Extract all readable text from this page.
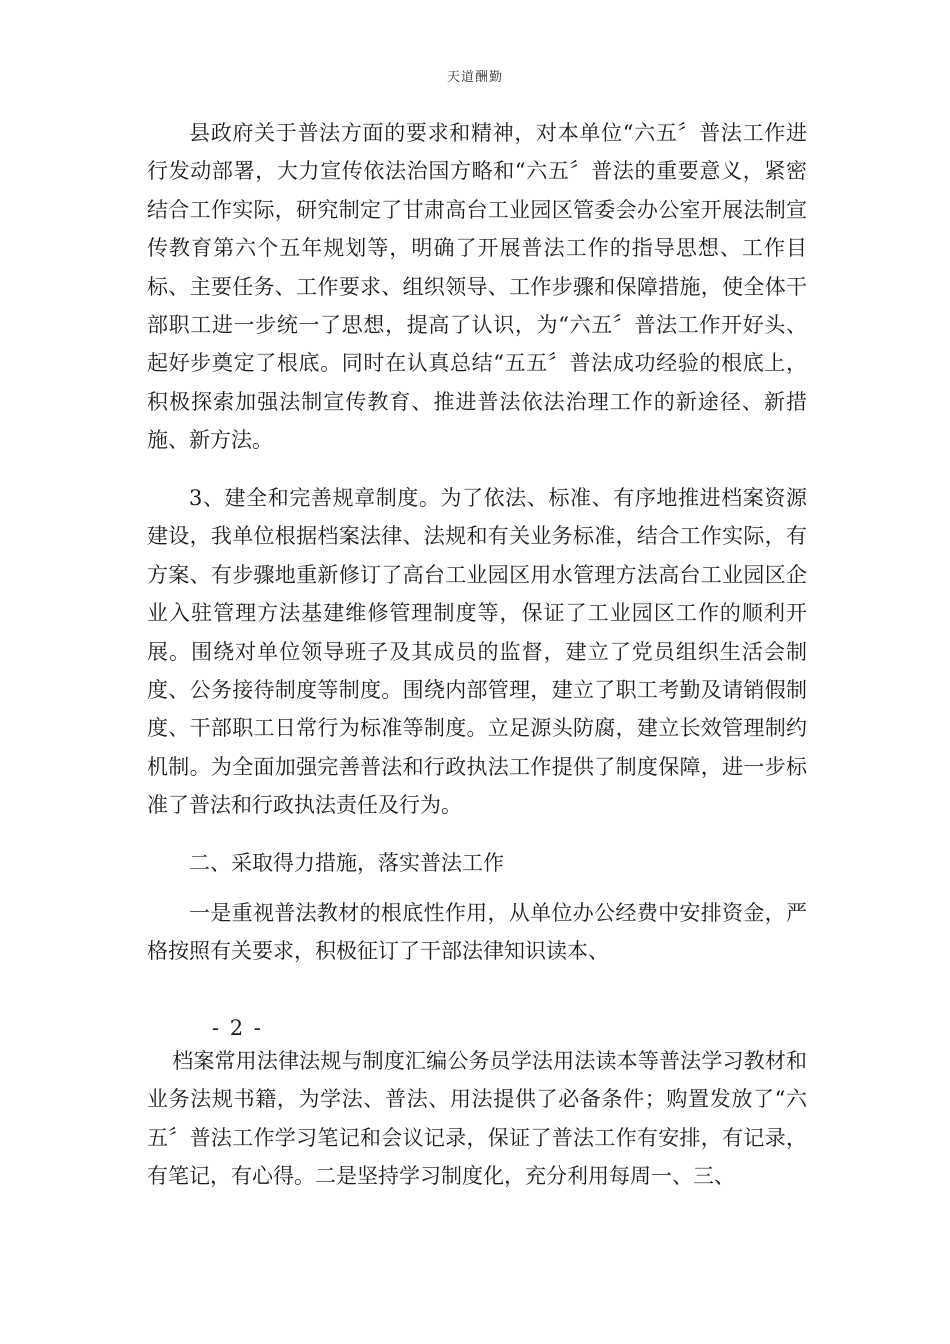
天道酬勤

县政府关于普法方面的要求和精神，对本单位“六五〞普法工作进行发动部署，大力宣传依法治国方略和“六五〞普法的重要意义，紧密结合工作实际，研究制定了甘肃高台工业园区管委会办公室开展法制宣传教育第六个五年规划等，明确了开展普法工作的指导思想、工作目标、主要任务、工作要求、组织领导、工作步骤和保障措施，使全体干部职工进一步统一了思想，提高了认识，为“六五〞普法工作开好头、起好步奠定了根底。同时在认真总结“五五〞普法成功经验的根底上，积极探索加强法制宣传教育、推进普法依法治理工作的新途径、新措施、新方法。

3、建全和完善规章制度。为了依法、标准、有序地推进档案资源建设，我单位根据档案法律、法规和有关业务标准，结合工作实际，有方案、有步骤地重新修订了高台工业园区用水管理方法高台工业园区企业入驻管理方法基建维修管理制度等，保证了工业园区工作的顺利开展。围绕对单位领导班子及其成员的监督，建立了党员组织生活会制度、公务接待制度等制度。围绕内部管理，建立了职工考勤及请销假制度、干部职工日常行为标准等制度。立足源头防腐，建立长效管理制约机制。为全面加强完善普法和行政执法工作提供了制度保障，进一步标准了普法和行政执法责任及行为。

二、采取得力措施，落实普法工作

一是重视普法教材的根底性作用，从单位办公经费中安排资金，严格按照有关要求，积极征订了干部法律知识读本、

- 2 -

档案常用法律法规与制度汇编公务员学法用法读本等普法学习教材和业务法规书籍，为学法、普法、用法提供了必备条件；购置发放了“六五〞普法工作学习笔记和会议记录，保证了普法工作有安排，有记录，有笔记，有心得。二是坚持学习制度化，充分利用每周一、三、
